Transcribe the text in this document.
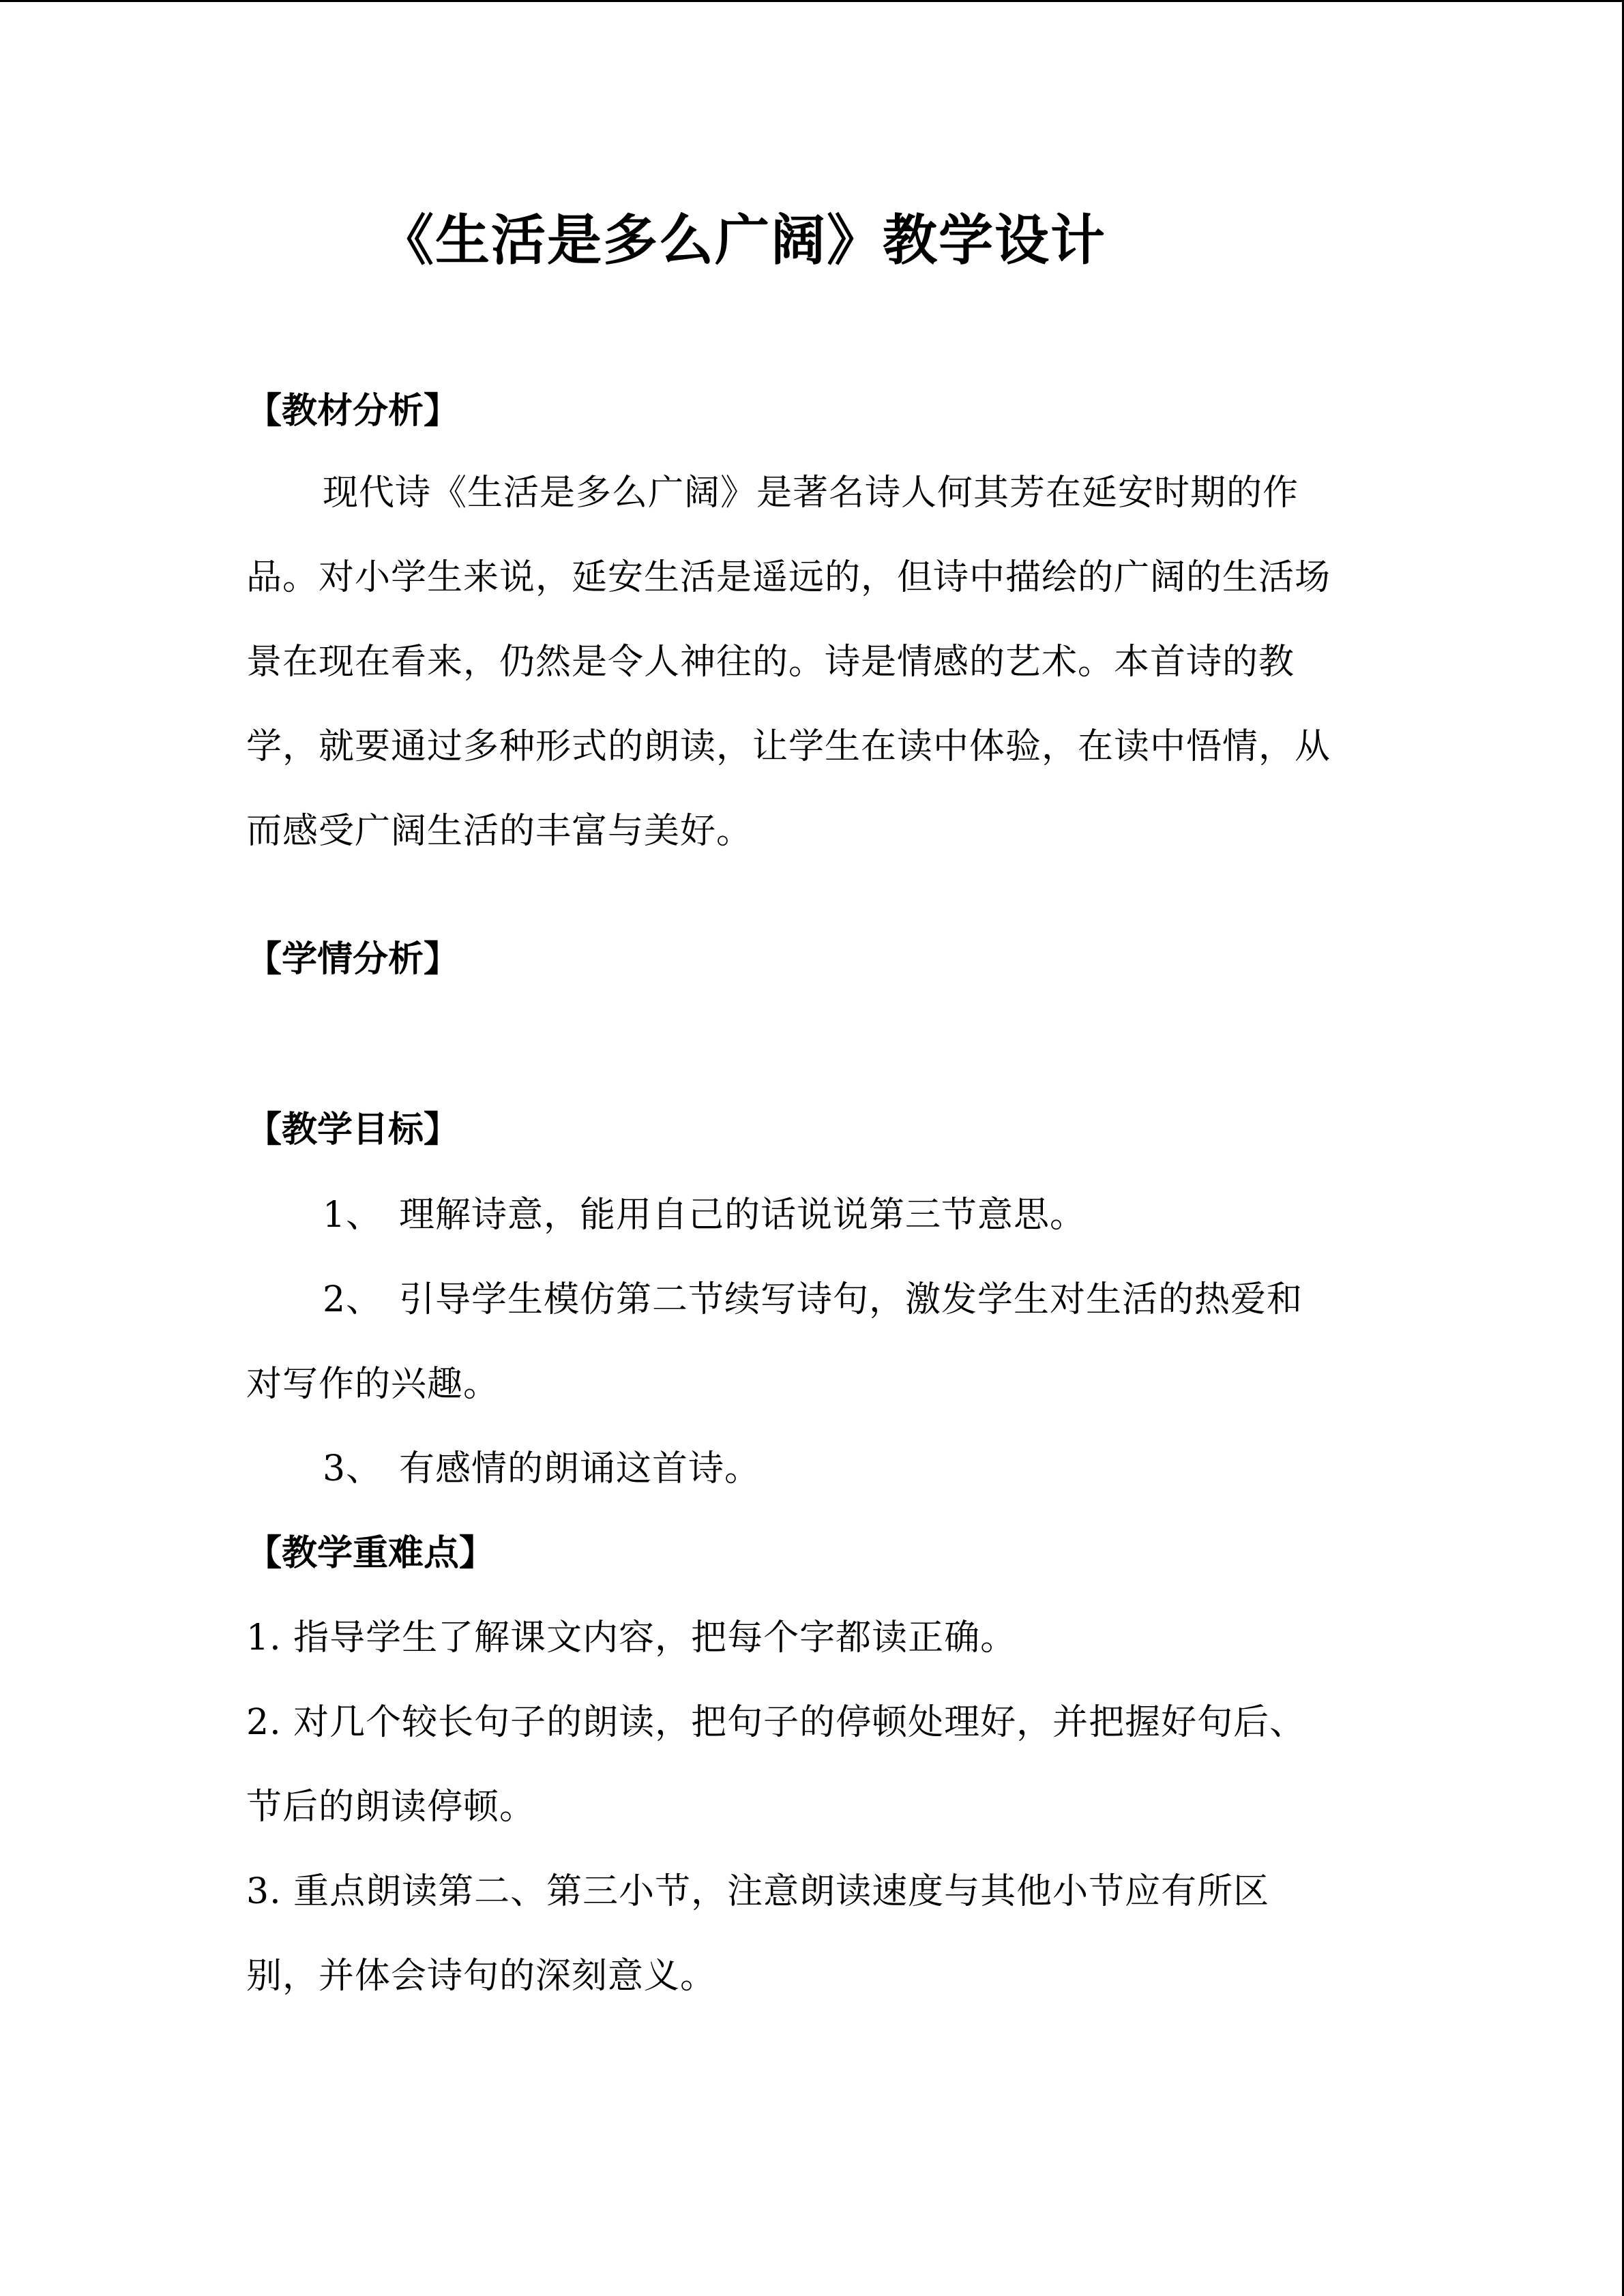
《生活是多么广阔》教学设计
【教材分析】

现代诗《生活是多么广阔》是著名诗人何其芳在延安时期的作品。对小学生来说，延安生活是遥远的，但诗中描绘的广阔的生活场景在现在看来，仍然是令人神往的。诗是情感的艺术。本首诗的教学，就要通过多种形式的朗读，让学生在读中体验，在读中悟情，从而感受广阔生活的丰富与美好。

【学情分析】
【教学目标】
1、 理解诗意，能用自己的话说说第三节意思。
2、 引导学生模仿第二节续写诗句，激发学生对生活的热爱和
对写作的兴趣。
3、 有感情的朗诵这首诗。
【教学重难点】
1. 指导学生了解课文内容，把每个字都读正确。
2. 对几个较长句子的朗读，把句子的停顿处理好，并把握好句后、
节后的朗读停顿。
3. 重点朗读第二、第三小节，注意朗读速度与其他小节应有所区
别，并体会诗句的深刻意义。
